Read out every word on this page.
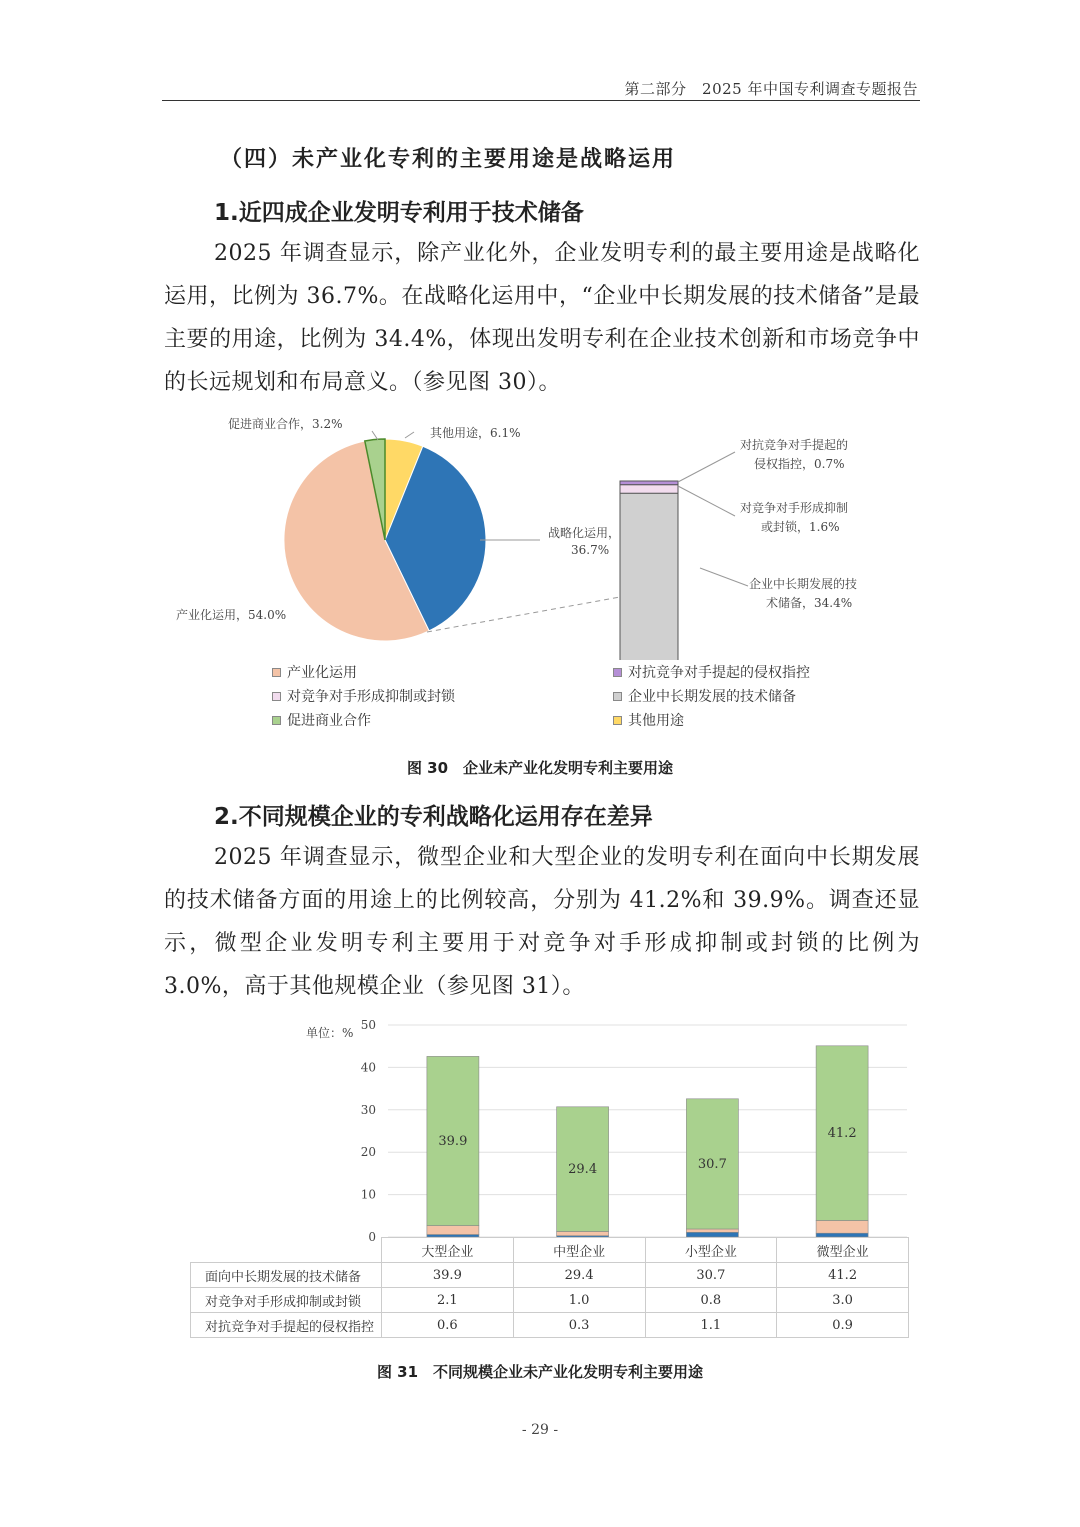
第二部分　2025 年中国专利调查专题报告
（四）未产业化专利的主要用途是战略运用
1.近四成企业发明专利用于技术储备
2025 年调查显示，除产业化外，企业发明专利的最主要用途是战略化运用，比例为 36.7%。在战略化运用中，“企业中长期发展的技术储备”是最主要的用途，比例为 34.4%，体现出发明专利在企业技术创新和市场竞争中的长远规划和布局意义。（参见图 30）。
促进商业合作，3.2%
其他用途，6.1%
战略化运用，
36.7%
产业化运用，54.0%
对抗竞争对手提起的
侵权指控，0.7%
对竞争对手形成抑制
或封锁，1.6%
企业中长期发展的技
术储备，34.4%
产业化运用	对抗竞争对手提起的侵权指控
对竞争对手形成抑制或封锁	企业中长期发展的技术储备
促进商业合作	其他用途
图 30　企业未产业化发明专利主要用途
2.不同规模企业的专利战略化运用存在差异
2025 年调查显示，微型企业和大型企业的发明专利在面向中长期发展的技术储备方面的用途上的比例较高，分别为 41.2%和 39.9%。调查还显示，微型企业发明专利主要用于对竞争对手形成抑制或封锁的比例为 3.0%，高于其他规模企业（参见图 31）。
单位：%
39.9
29.4	30.7
41.2
0
10
20
30
40
50
	大型企业	中型企业	小型企业	微型企业
面向中长期发展的技术储备	39.9	29.4	30.7	41.2
对竞争对手形成抑制或封锁	2.1	1.0	0.8	3.0
对抗竞争对手提起的侵权指控	0.6	0.3	1.1	0.9
图 31　不同规模企业未产业化发明专利主要用途
- 29 -
